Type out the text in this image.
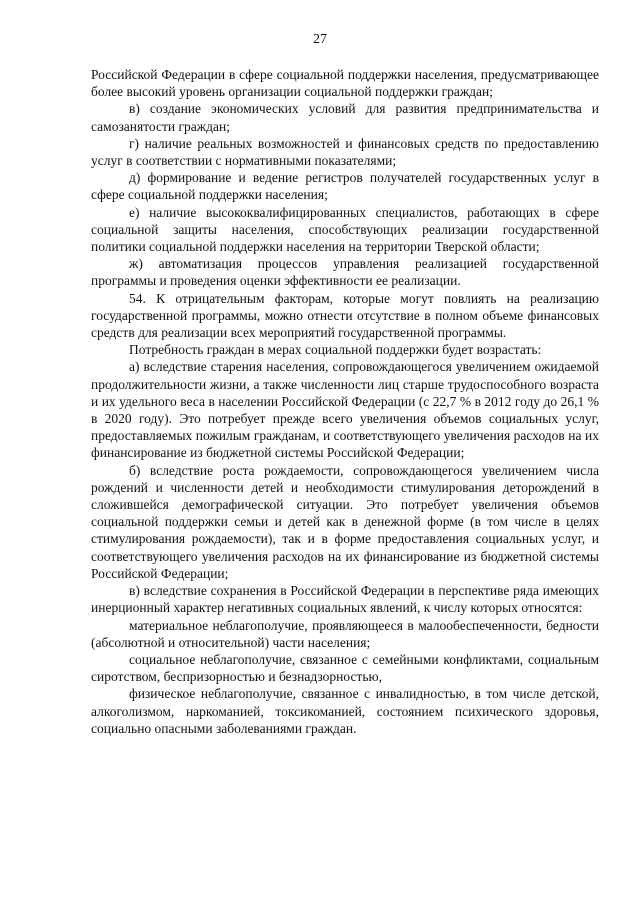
27

Российской Федерации в сфере социальной поддержки населения, предусматривающее более высокий уровень организации социальной поддержки граждан;

в) создание экономических условий для развития предпринимательства и самозанятости граждан;

г) наличие реальных возможностей и финансовых средств по предоставлению услуг в соответствии с нормативными показателями;

д) формирование и ведение регистров получателей государственных услуг в сфере социальной поддержки населения;

е) наличие высококвалифицированных специалистов, работающих в сфере социальной защиты населения, способствующих реализации государственной политики социальной поддержки населения на территории Тверской области;

ж) автоматизация процессов управления реализацией государственной программы и проведения оценки эффективности ее реализации.

54. К отрицательным факторам, которые могут повлиять на реализацию государственной программы, можно отнести отсутствие в полном объеме финансовых средств для реализации всех мероприятий государственной программы.

Потребность граждан в мерах социальной поддержки будет возрастать:

а) вследствие старения населения, сопровождающегося увеличением ожидаемой продолжительности жизни, а также численности лиц старше трудоспособного возраста и их удельного веса в населении Российской Федерации (с 22,7 % в 2012 году до 26,1 % в 2020 году). Это потребует прежде всего увеличения объемов социальных услуг, предоставляемых пожилым гражданам, и соответствующего увеличения расходов на их финансирование из бюджетной системы Российской Федерации;

б) вследствие роста рождаемости, сопровождающегося увеличением числа рождений и численности детей и необходимости стимулирования деторождений в сложившейся демографической ситуации. Это потребует увеличения объемов социальной поддержки семьи и детей как в денежной форме (в том числе в целях стимулирования рождаемости), так и в форме предоставления социальных услуг, и соответствующего увеличения расходов на их финансирование из бюджетной системы Российской Федерации;

в) вследствие сохранения в Российской Федерации в перспективе ряда имеющих инерционный характер негативных социальных явлений, к числу которых относятся:

материальное неблагополучие, проявляющееся в малообеспеченности, бедности (абсолютной и относительной) части населения;

социальное неблагополучие, связанное с семейными конфликтами, социальным сиротством, беспризорностью и безнадзорностью,

физическое неблагополучие, связанное с инвалидностью, в том числе детской, алкоголизмом, наркоманией, токсикоманией, состоянием психического здоровья, социально опасными заболеваниями граждан.
